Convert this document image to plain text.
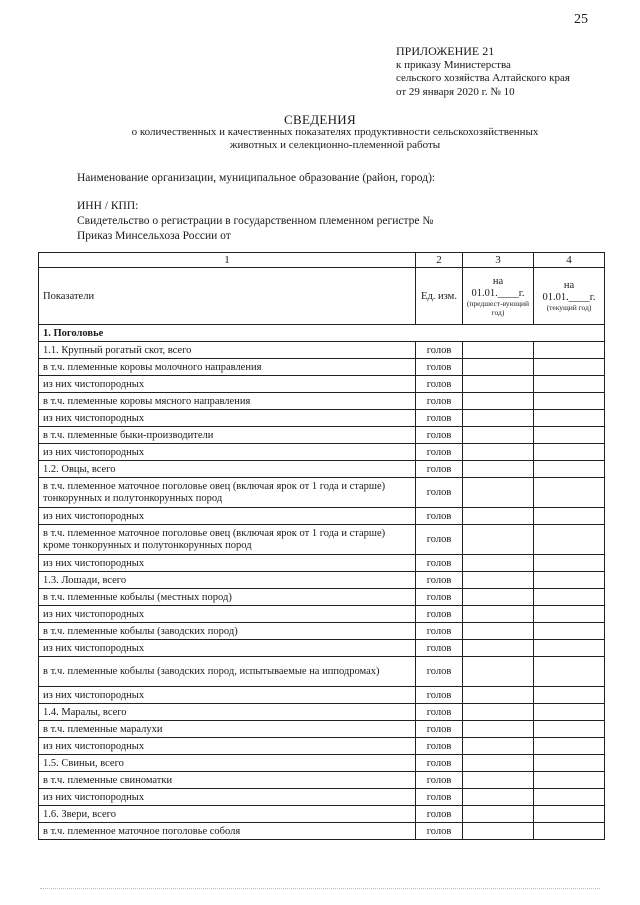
25
ПРИЛОЖЕНИЕ 21
к приказу Министерства
сельского хозяйства Алтайского края
от 29 января 2020 г. № 10
СВЕДЕНИЯ
о количественных и качественных показателях продуктивности сельскохозяйственных
животных и селекционно-племенной работы
Наименование организации, муниципальное образование (район, город):
ИНН / КПП:
Свидетельство о регистрации в государственном племенном регистре №
Приказ Минсельхоза России от
1	2	3	4
Показатели	Ед. изм.	на
01.01.____г.
(предшест-вующий год)	на
01.01.____г.
(текущий год)

1. Поголовье			
1.1. Крупный рогатый скот, всего	голов		
в т.ч. племенные коровы молочного направления	голов		
из них чистопородных	голов		
в т.ч. племенные коровы мясного направления	голов		
из них чистопородных	голов		
в т.ч. племенные быки-производители	голов		
из них чистопородных	голов		
1.2. Овцы, всего	голов		
в т.ч. племенное маточное поголовье овец (включая ярок от 1 года и старше) тонкорунных и полутонкорунных пород	голов		
из них чистопородных	голов		
в т.ч. племенное маточное поголовье овец (включая ярок от 1 года и старше) кроме тонкорунных и полутонкорунных пород	голов		
из них чистопородных	голов		
1.3. Лошади, всего	голов		
в т.ч. племенные кобылы (местных пород)	голов		
из них чистопородных	голов		
в т.ч. племенные кобылы (заводских пород)	голов		
из них чистопородных	голов		
в т.ч. племенные кобылы (заводских пород, испытываемые на ипподромах)	голов		
из них чистопородных	голов		
1.4. Маралы, всего	голов		
в т.ч. племенные маралухи	голов		
из них чистопородных	голов		
1.5. Свиньи, всего	голов		
в т.ч. племенные свиноматки	голов		
из них чистопородных	голов		
1.6. Звери, всего	голов		
в т.ч. племенное маточное поголовье соболя	голов		
